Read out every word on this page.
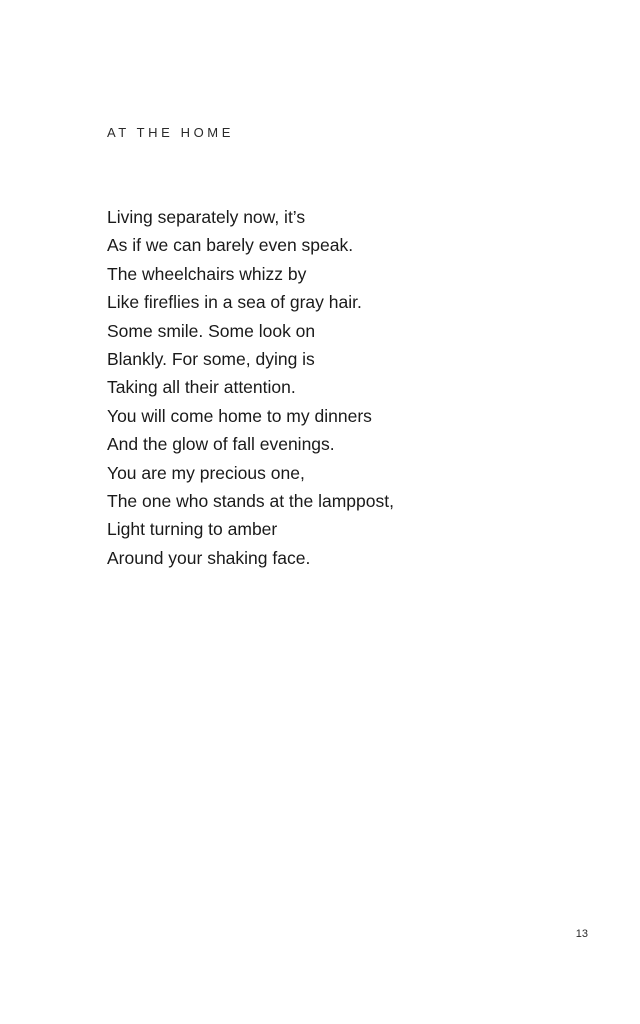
AT THE HOME
Living separately now, it’s
As if we can barely even speak.
The wheelchairs whizz by
Like fireflies in a sea of gray hair.
Some smile. Some look on
Blankly. For some, dying is
Taking all their attention.
You will come home to my dinners
And the glow of fall evenings.
You are my precious one,
The one who stands at the lamppost,
Light turning to amber
Around your shaking face.
13
